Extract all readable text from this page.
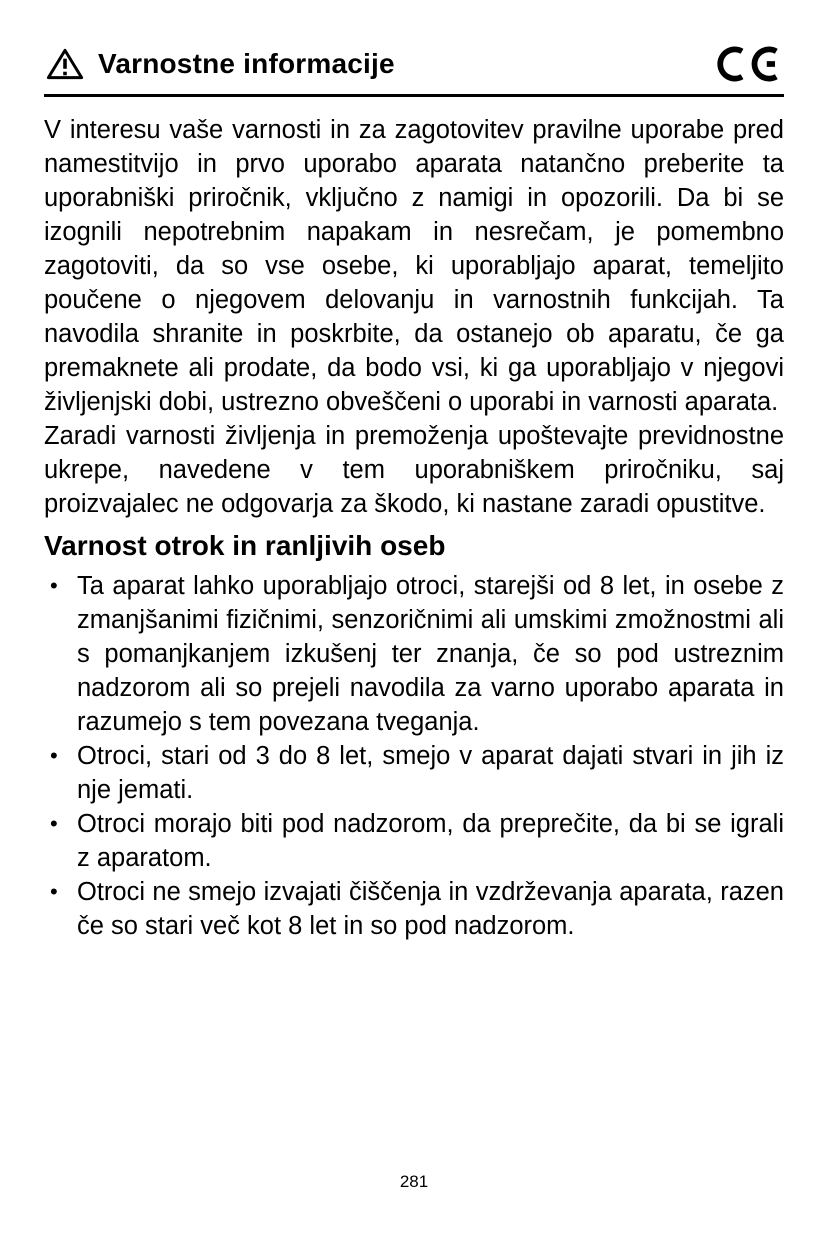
Varnostne informacije

V interesu vaše varnosti in za zagotovitev pravilne uporabe pred namestitvijo in prvo uporabo aparata natančno preberite ta uporabniški priročnik, vključno z namigi in opozorili. Da bi se izognili nepotrebnim napakam in nesrečam, je pomembno zagotoviti, da so vse osebe, ki uporabljajo aparat, temeljito poučene o njegovem delovanju in varnostnih funkcijah. Ta navodila shranite in poskrbite, da ostanejo ob aparatu, če ga premaknete ali prodate, da bodo vsi, ki ga uporabljajo v njegovi življenjski dobi, ustrezno obveščeni o uporabi in varnosti aparata.

Zaradi varnosti življenja in premoženja upoštevajte previdnostne ukrepe, navedene v tem uporabniškem priročniku, saj proizvajalec ne odgovarja za škodo, ki nastane zaradi opustitve.

Varnost otrok in ranljivih oseb
• Ta aparat lahko uporabljajo otroci, starejši od 8 let, in osebe z zmanjšanimi fizičnimi, senzoričnimi ali umskimi zmožnostmi ali s pomanjkanjem izkušenj ter znanja, če so pod ustreznim nadzorom ali so prejeli navodila za varno uporabo aparata in razumejo s tem povezana tveganja.
• Otroci, stari od 3 do 8 let, smejo v aparat dajati stvari in jih iz nje jemati.
• Otroci morajo biti pod nadzorom, da preprečite, da bi se igrali z aparatom.
• Otroci ne smejo izvajati čiščenja in vzdrževanja aparata, razen če so stari več kot 8 let in so pod nadzorom.
281
